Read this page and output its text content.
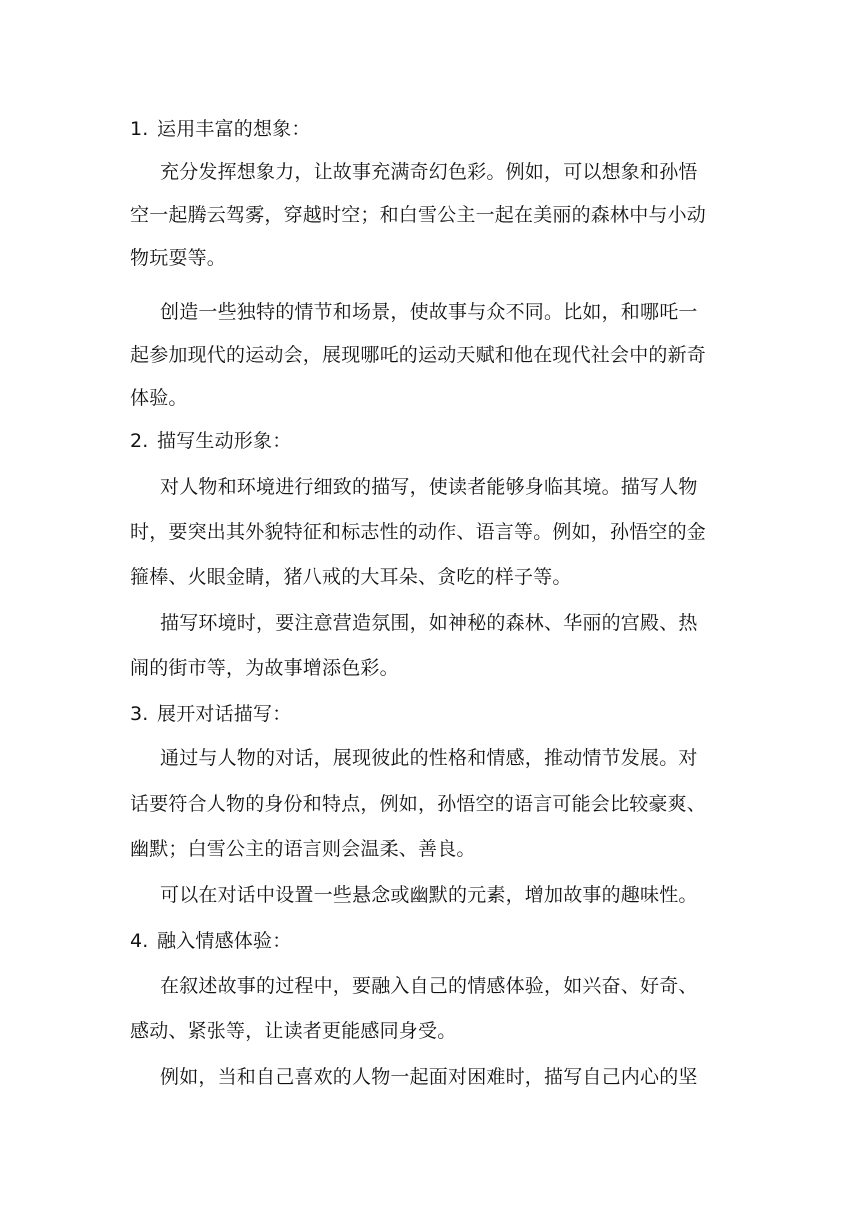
1. 运用丰富的想象：
充分发挥想象力，让故事充满奇幻色彩。例如，可以想象和孙悟
空一起腾云驾雾，穿越时空；和白雪公主一起在美丽的森林中与小动
物玩耍等。
创造一些独特的情节和场景，使故事与众不同。比如，和哪吒一
起参加现代的运动会，展现哪吒的运动天赋和他在现代社会中的新奇
体验。
2. 描写生动形象：
对人物和环境进行细致的描写，使读者能够身临其境。描写人物
时，要突出其外貌特征和标志性的动作、语言等。例如，孙悟空的金
箍棒、火眼金睛，猪八戒的大耳朵、贪吃的样子等。
描写环境时，要注意营造氛围，如神秘的森林、华丽的宫殿、热
闹的街市等，为故事增添色彩。
3. 展开对话描写：
通过与人物的对话，展现彼此的性格和情感，推动情节发展。对
话要符合人物的身份和特点，例如，孙悟空的语言可能会比较豪爽、
幽默；白雪公主的语言则会温柔、善良。
可以在对话中设置一些悬念或幽默的元素，增加故事的趣味性。
4. 融入情感体验：
在叙述故事的过程中，要融入自己的情感体验，如兴奋、好奇、
感动、紧张等，让读者更能感同身受。
例如，当和自己喜欢的人物一起面对困难时，描写自己内心的坚
